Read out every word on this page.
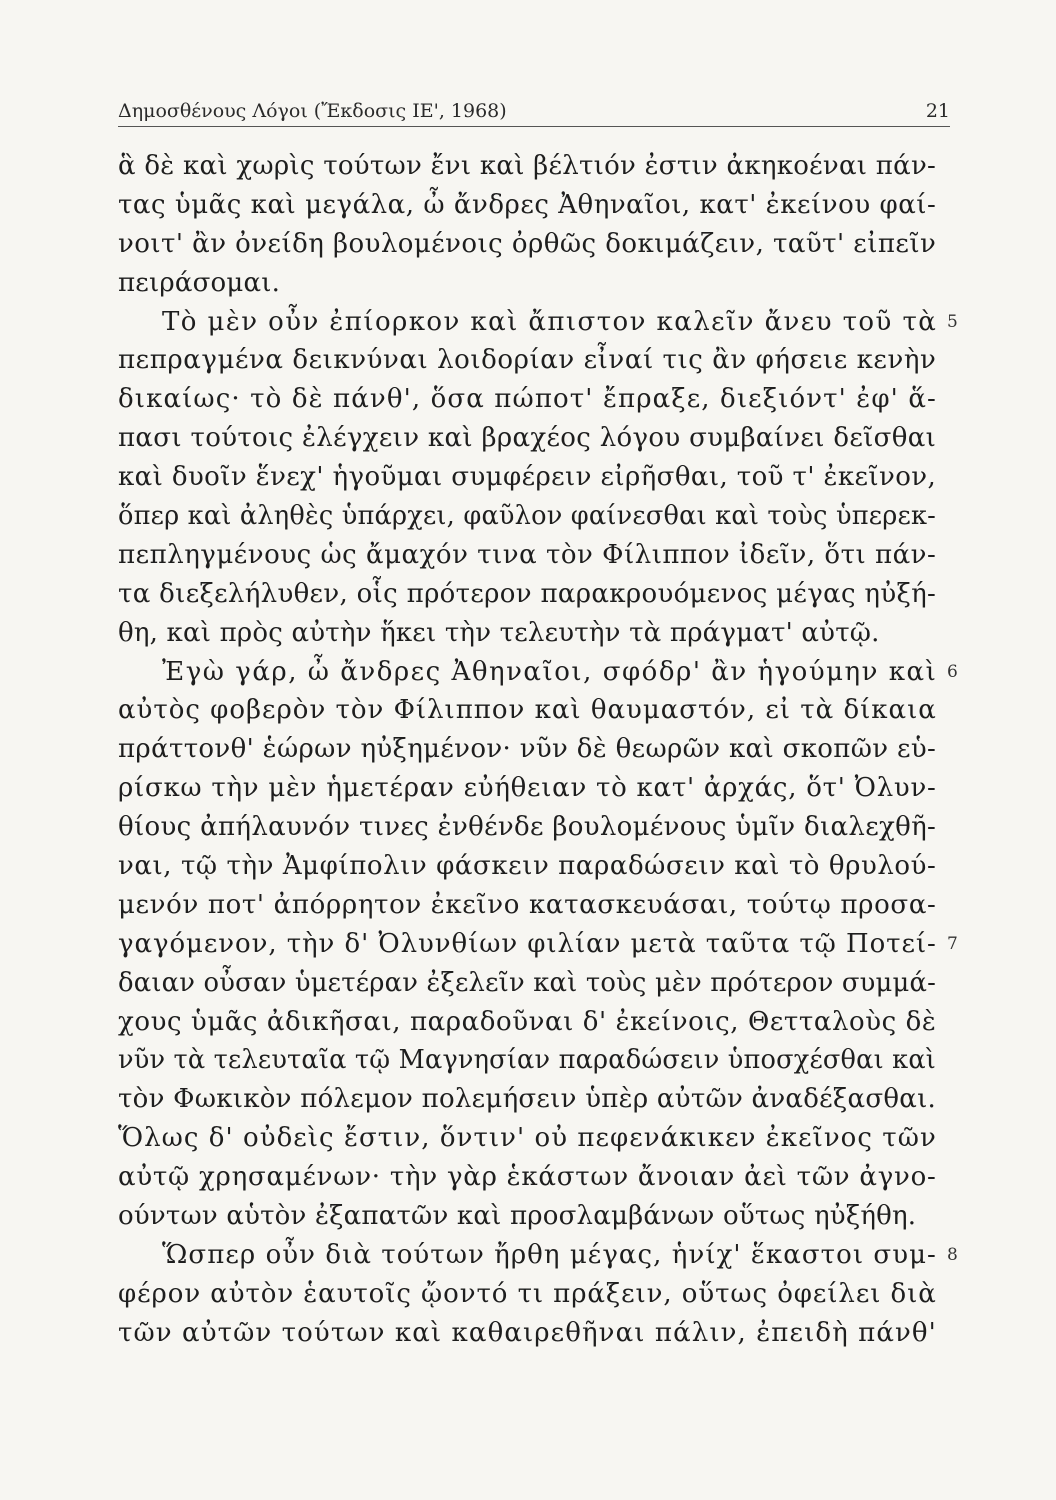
Δημοσθένους Λόγοι (Ἔκδοσις ΙΕ', 1968)	21
ἃ δὲ καὶ χωρὶς τούτων ἔνι καὶ βέλτιόν ἐστιν ἀκηκοέναι πάν-
τας ὑμᾶς καὶ μεγάλα, ὦ ἄνδρες Ἀθηναῖοι, κατ' ἐκείνου φαί-
νοιτ' ἂν ὀνείδη βουλομένοις ὀρθῶς δοκιμάζειν, ταῦτ' εἰπεῖν
πειράσομαι.
Τὸ μὲν οὖν ἐπίορκον καὶ ἄπιστον καλεῖν ἄνευ τοῦ τὰ 5
πεπραγμένα δεικνύναι λοιδορίαν εἶναί τις ἂν φήσειε κενὴν
δικαίως· τὸ δὲ πάνθ', ὅσα πώποτ' ἔπραξε, διεξιόντ' ἐφ' ἅ-
πασι τούτοις ἐλέγχειν καὶ βραχέος λόγου συμβαίνει δεῖσθαι
καὶ δυοῖν ἕνεχ' ἡγοῦμαι συμφέρειν εἰρῆσθαι, τοῦ τ' ἐκεῖνον,
ὅπερ καὶ ἀληθὲς ὑπάρχει, φαῦλον φαίνεσθαι καὶ τοὺς ὑπερεκ-
πεπληγμένους ὡς ἄμαχόν τινα τὸν Φίλιππον ἰδεῖν, ὅτι πάν-
τα διεξελήλυθεν, οἷς πρότερον παρακρουόμενος μέγας ηὐξή-
θη, καὶ πρὸς αὐτὴν ἥκει τὴν τελευτὴν τὰ πράγματ' αὐτῷ.
Ἐγὼ γάρ, ὦ ἄνδρες Ἀθηναῖοι, σφόδρ' ἂν ἡγούμην καὶ 6
αὐτὸς φοβερὸν τὸν Φίλιππον καὶ θαυμαστόν, εἰ τὰ δίκαια
πράττονθ' ἑώρων ηὐξημένον· νῦν δὲ θεωρῶν καὶ σκοπῶν εὑ-
ρίσκω τὴν μὲν ἡμετέραν εὐήθειαν τὸ κατ' ἀρχάς, ὅτ' Ὀλυν-
θίους ἀπήλαυνόν τινες ἐνθένδε βουλομένους ὑμῖν διαλεχθῆ-
ναι, τῷ τὴν Ἀμφίπολιν φάσκειν παραδώσειν καὶ τὸ θρυλού-
μενόν ποτ' ἀπόρρητον ἐκεῖνο κατασκευάσαι, τούτῳ προσα-
γαγόμενον, τὴν δ' Ὀλυνθίων φιλίαν μετὰ ταῦτα τῷ Ποτεί- 7
δαιαν οὖσαν ὑμετέραν ἐξελεῖν καὶ τοὺς μὲν πρότερον συμμά-
χους ὑμᾶς ἀδικῆσαι, παραδοῦναι δ' ἐκείνοις, Θετταλοὺς δὲ
νῦν τὰ τελευταῖα τῷ Μαγνησίαν παραδώσειν ὑποσχέσθαι καὶ
τὸν Φωκικὸν πόλεμον πολεμήσειν ὑπὲρ αὐτῶν ἀναδέξασθαι.
Ὅλως δ' οὐδεὶς ἔστιν, ὅντιν' οὐ πεφενάκικεν ἐκεῖνος τῶν
αὐτῷ χρησαμένων· τὴν γὰρ ἑκάστων ἄνοιαν ἀεὶ τῶν ἀγνο-
ούντων αὑτὸν ἐξαπατῶν καὶ προσλαμβάνων οὕτως ηὐξήθη.
Ὥσπερ οὖν διὰ τούτων ἤρθη μέγας, ἡνίχ' ἕκαστοι συμ- 8
φέρον αὐτὸν ἑαυτοῖς ᾤοντό τι πράξειν, οὕτως ὀφείλει διὰ
τῶν αὐτῶν τούτων καὶ καθαιρεθῆναι πάλιν, ἐπειδὴ πάνθ'
